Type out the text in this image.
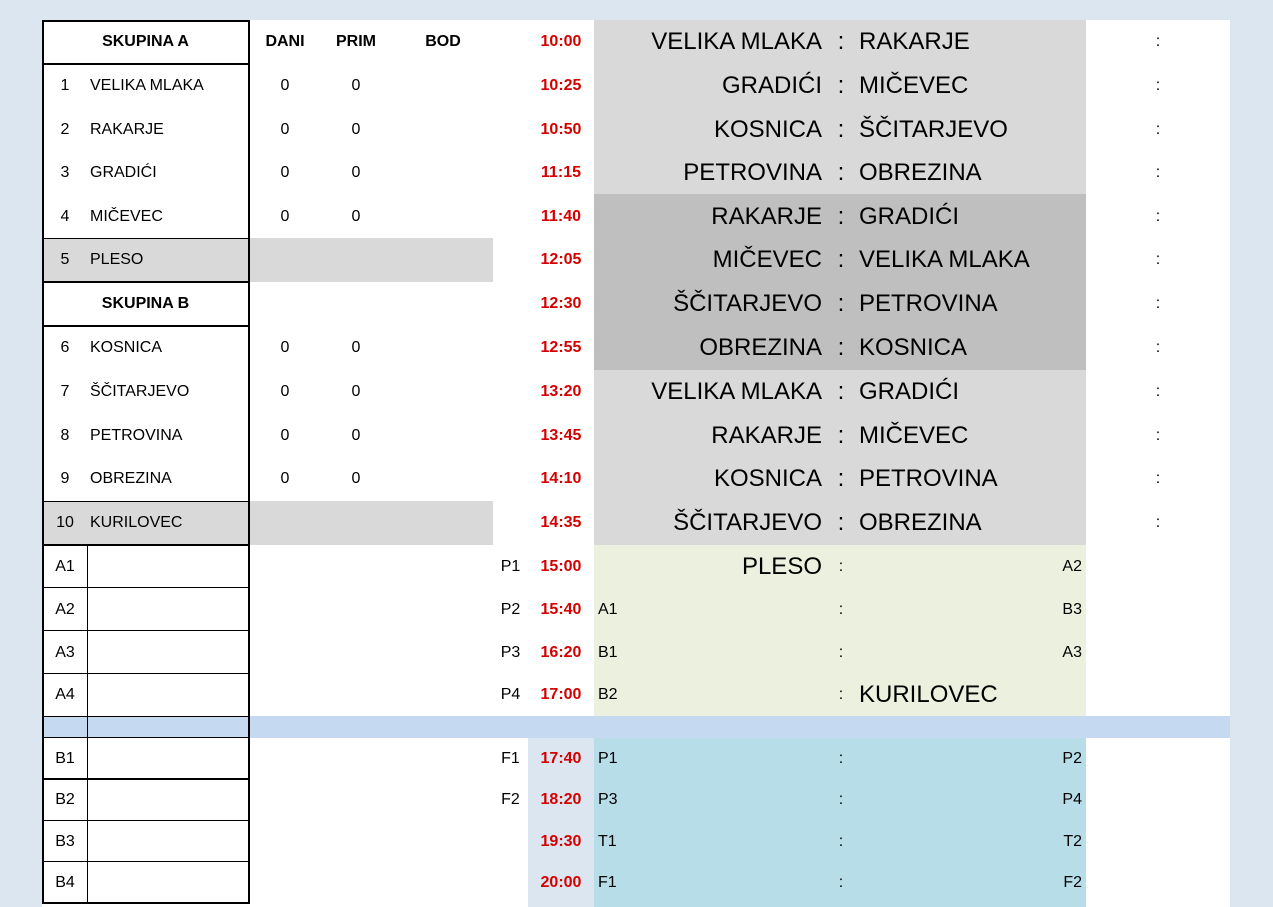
SKUPINA A	DANI	PRIM	BOD
1	VELIKA MLAKA	0	0
2	RAKARJE	0	0
3	GRADIĆI	0	0
4	MIČEVEC	0	0
5	PLESO
SKUPINA B
6	KOSNICA	0	0
7	ŠČITARJEVO	0	0
8	PETROVINA	0	0
9	OBREZINA	0	0
10	KURILOVEC
A1
A2
A3
A4
B1
B2
B3
B4
10:00	VELIKA MLAKA : RAKARJE	:
10:25	GRADIĆI : MIČEVEC	:
10:50	KOSNICA : ŠČITARJEVO	:
11:15	PETROVINA : OBREZINA	:
11:40	RAKARJE : GRADIĆI	:
12:05	MIČEVEC : VELIKA MLAKA	:
12:30	ŠČITARJEVO : PETROVINA	:
12:55	OBREZINA : KOSNICA	:
13:20	VELIKA MLAKA : GRADIĆI	:
13:45	RAKARJE : MIČEVEC	:
14:10	KOSNICA : PETROVINA	:
14:35	ŠČITARJEVO : OBREZINA	:
P1	15:00	PLESO	:	A2
P2	15:40	A1	:	B3
P3	16:20	B1	:	A3
P4	17:00	B2	: KURILOVEC
F1	17:40	P1	:	P2
F2	18:20	P3	:	P4
19:30	T1	:	T2
20:00	F1	:	F2
